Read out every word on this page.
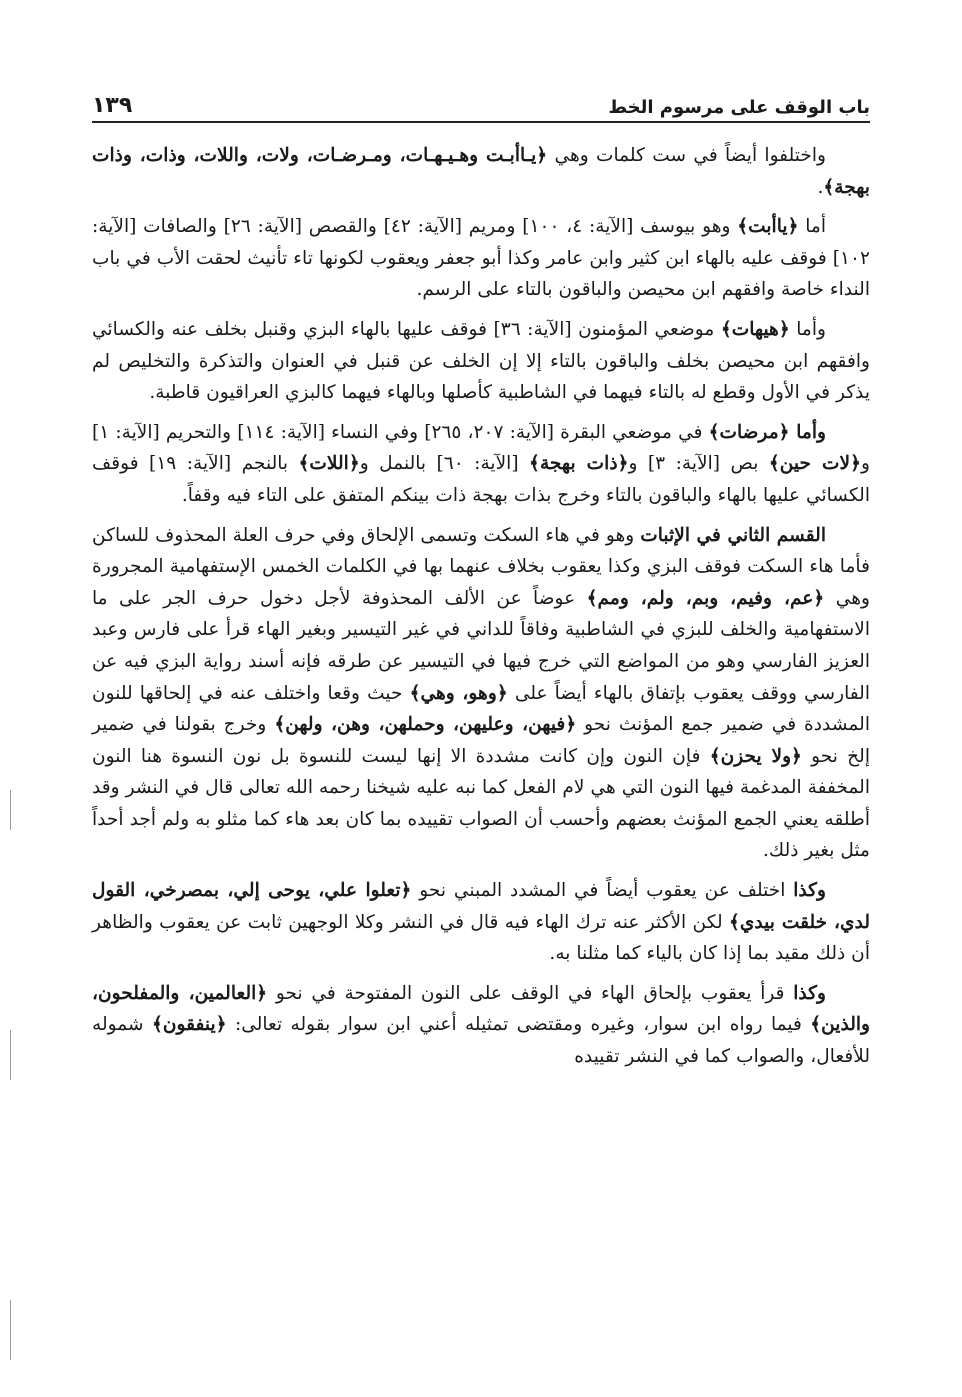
باب الوقف على مرسوم الخط
١٣٩

واختلفوا أيضاً في ست كلمات وهي ﴿يـاأبـت وهـيـهـات، ومـرضـات، ولات، واللات، وذات، وذات بهجة﴾.

أما ﴿ياأبت﴾ وهو بيوسف [الآية: ٤، ١٠٠] ومريم [الآية: ٤٢] والقصص [الآية: ٢٦] والصافات [الآية: ١٠٢] فوقف عليه بالهاء ابن كثير وابن عامر وكذا أبو جعفر ويعقوب لكونها تاء تأنيث لحقت الأب في باب النداء خاصة وافقهم ابن محيصن والباقون بالتاء على الرسم.

وأما ﴿هيهات﴾ موضعي المؤمنون [الآية: ٣٦] فوقف عليها بالهاء البزي وقنبل بخلف عنه والكسائي وافقهم ابن محيصن بخلف والباقون بالتاء إلا إن الخلف عن قنبل في العنوان والتذكرة والتخليص لم يذكر في الأول وقطع له بالتاء فيهما في الشاطبية كأصلها وبالهاء فيهما كالبزي العراقيون قاطبة.

وأما ﴿مرضات﴾ في موضعي البقرة [الآية: ٢٠٧، ٢٦٥] وفي النساء [الآية: ١١٤] والتحريم [الآية: ١] و﴿لات حين﴾ بص [الآية: ٣] و﴿ذات بهجة﴾ [الآية: ٦٠] بالنمل و﴿اللات﴾ بالنجم [الآية: ١٩] فوقف الكسائي عليها بالهاء والباقون بالتاء وخرج بذات بهجة ذات بينكم المتفق على التاء فيه وقفاً.

القسم الثاني في الإثبات وهو في هاء السكت وتسمى الإلحاق وفي حرف العلة المحذوف للساكن فأما هاء السكت فوقف البزي وكذا يعقوب بخلاف عنهما بها في الكلمات الخمس الإستفهامية المجرورة وهي ﴿عم، وفيم، وبم، ولم، ومم﴾ عوضاً عن الألف المحذوفة لأجل دخول حرف الجر على ما الاستفهامية والخلف للبزي في الشاطبية وفاقاً للداني في غير التيسير وبغير الهاء قرأ على فارس وعبد العزيز الفارسي وهو من المواضع التي خرج فيها في التيسير عن طرقه فإنه أسند رواية البزي فيه عن الفارسي ووقف يعقوب بإتفاق بالهاء أيضاً على ﴿وهو، وهي﴾ حيث وقعا واختلف عنه في إلحاقها للنون المشددة في ضمير جمع المؤنث نحو ﴿فيهن، وعليهن، وحملهن، وهن، ولهن﴾ وخرج بقولنا في ضمير إلخ نحو ﴿ولا يحزن﴾ فإن النون وإن كانت مشددة الا إنها ليست للنسوة بل نون النسوة هنا النون المخففة المدغمة فيها النون التي هي لام الفعل كما نبه عليه شيخنا رحمه الله تعالى قال في النشر وقد أطلقه يعني الجمع المؤنث بعضهم وأحسب أن الصواب تقييده بما كان بعد هاء كما مثلو به ولم أجد أحداً مثل بغير ذلك.

وكذا اختلف عن يعقوب أيضاً في المشدد المبني نحو ﴿تعلوا علي، يوحى إلي، بمصرخي، القول لدي، خلقت بيدي﴾ لكن الأكثر عنه ترك الهاء فيه قال في النشر وكلا الوجهين ثابت عن يعقوب والظاهر أن ذلك مقيد بما إذا كان بالياء كما مثلنا به.

وكذا قرأ يعقوب بإلحاق الهاء في الوقف على النون المفتوحة في نحو ﴿العالمين، والمفلحون، والذين﴾ فيما رواه ابن سوار، وغيره ومقتضى تمثيله أعني ابن سوار بقوله تعالى: ﴿ينفقون﴾ شموله للأفعال، والصواب كما في النشر تقييده
